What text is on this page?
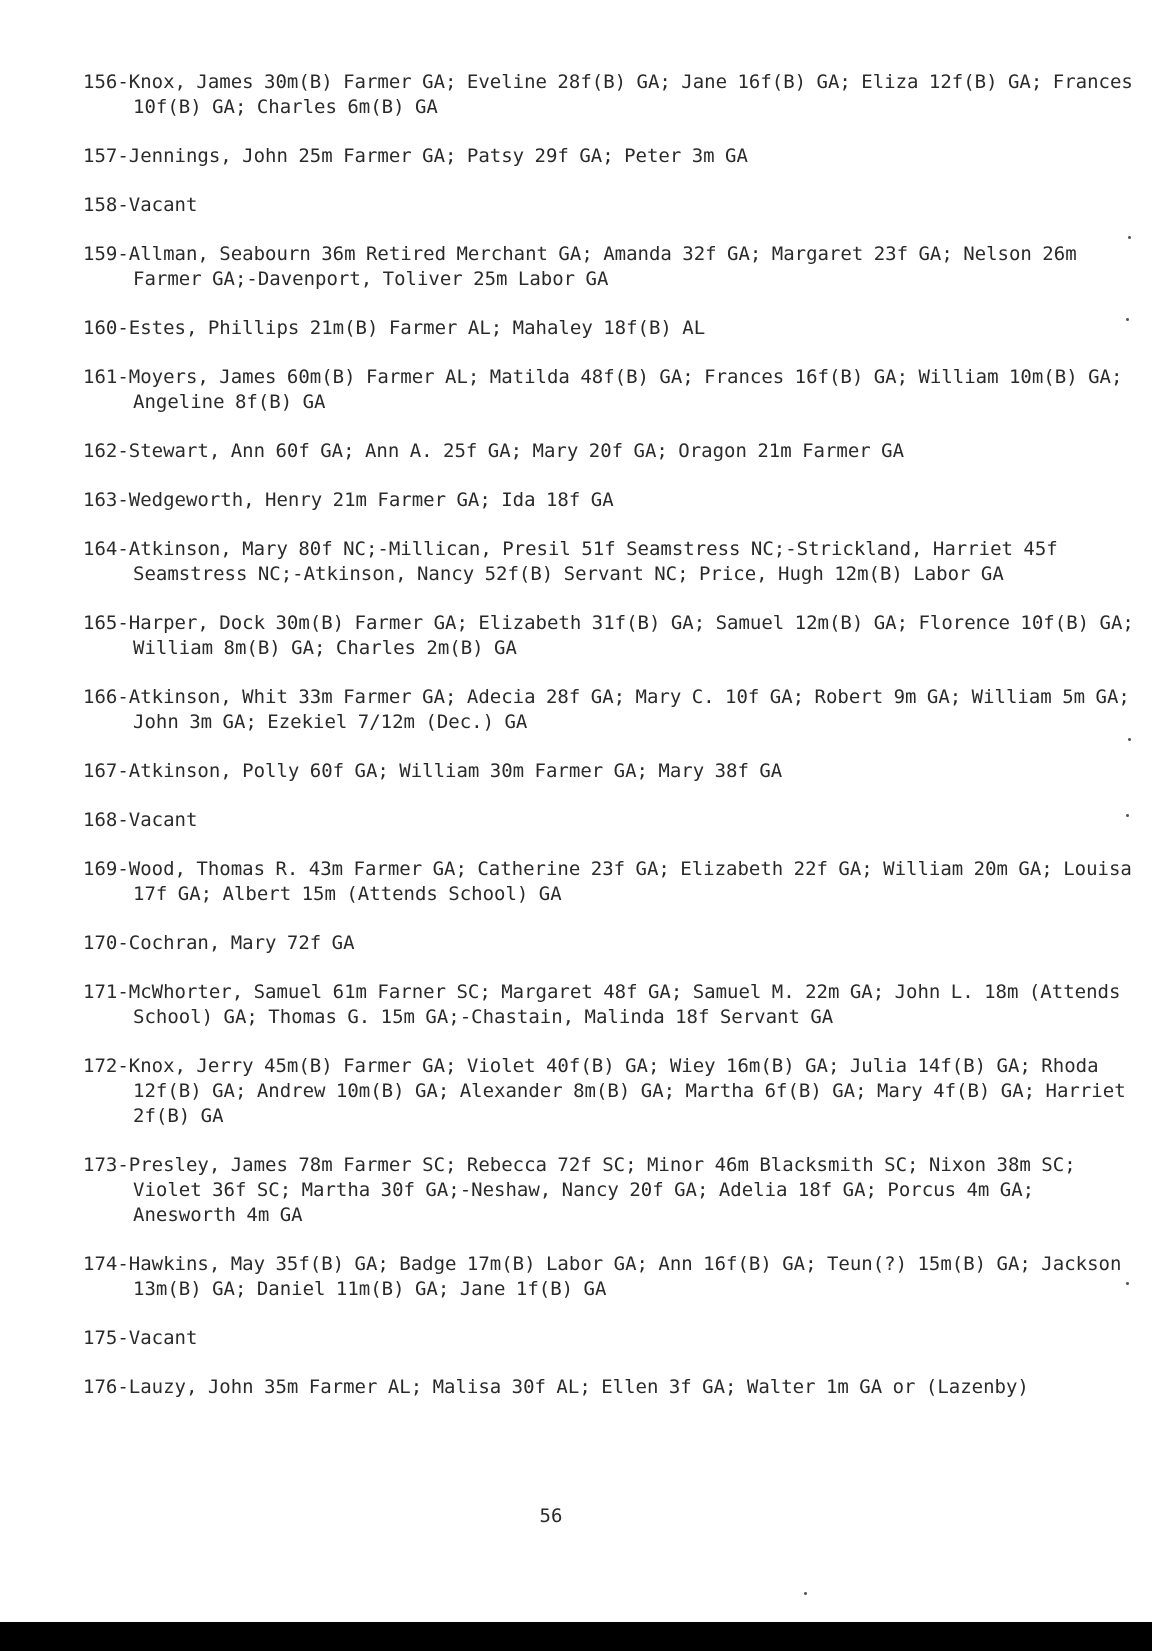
156-Knox, James 30m(B) Farmer GA; Eveline 28f(B) GA; Jane 16f(B) GA; Eliza 12f(B) GA; Frances 10f(B) GA; Charles 6m(B) GA

157-Jennings, John 25m Farmer GA; Patsy 29f GA; Peter 3m GA

158-Vacant

159-Allman, Seabourn 36m Retired Merchant GA; Amanda 32f GA; Margaret 23f GA; Nelson 26m Farmer GA;-Davenport, Toliver 25m Labor GA

160-Estes, Phillips 21m(B) Farmer AL; Mahaley 18f(B) AL

161-Moyers, James 60m(B) Farmer AL; Matilda 48f(B) GA; Frances 16f(B) GA; William 10m(B) GA; Angeline 8f(B) GA

162-Stewart, Ann 60f GA; Ann A. 25f GA; Mary 20f GA; Oragon 21m Farmer GA

163-Wedgeworth, Henry 21m Farmer GA; Ida 18f GA

164-Atkinson, Mary 80f NC;-Millican, Presil 51f Seamstress NC;-Strickland, Harriet 45f Seamstress NC;-Atkinson, Nancy 52f(B) Servant NC; Price, Hugh 12m(B) Labor GA

165-Harper, Dock 30m(B) Farmer GA; Elizabeth 31f(B) GA; Samuel 12m(B) GA; Florence 10f(B) GA; William 8m(B) GA; Charles 2m(B) GA

166-Atkinson, Whit 33m Farmer GA; Adecia 28f GA; Mary C. 10f GA; Robert 9m GA; William 5m GA; John 3m GA; Ezekiel 7/12m (Dec.) GA

167-Atkinson, Polly 60f GA; William 30m Farmer GA; Mary 38f GA

168-Vacant

169-Wood, Thomas R. 43m Farmer GA; Catherine 23f GA; Elizabeth 22f GA; William 20m GA; Louisa 17f GA; Albert 15m (Attends School) GA

170-Cochran, Mary 72f GA

171-McWhorter, Samuel 61m Farner SC; Margaret 48f GA; Samuel M. 22m GA; John L. 18m (Attends School) GA; Thomas G. 15m GA;-Chastain, Malinda 18f Servant GA

172-Knox, Jerry 45m(B) Farmer GA; Violet 40f(B) GA; Wiey 16m(B) GA; Julia 14f(B) GA; Rhoda 12f(B) GA; Andrew 10m(B) GA; Alexander 8m(B) GA; Martha 6f(B) GA; Mary 4f(B) GA; Harriet 2f(B) GA

173-Presley, James 78m Farmer SC; Rebecca 72f SC; Minor 46m Blacksmith SC; Nixon 38m SC; Violet 36f SC; Martha 30f GA;-Neshaw, Nancy 20f GA; Adelia 18f GA; Porcus 4m GA; Anesworth 4m GA

174-Hawkins, May 35f(B) GA; Badge 17m(B) Labor GA; Ann 16f(B) GA; Teun(?) 15m(B) GA; Jackson 13m(B) GA; Daniel 11m(B) GA; Jane 1f(B) GA

175-Vacant

176-Lauzy, John 35m Farmer AL; Malisa 30f AL; Ellen 3f GA; Walter 1m GA or (Lazenby)

56
